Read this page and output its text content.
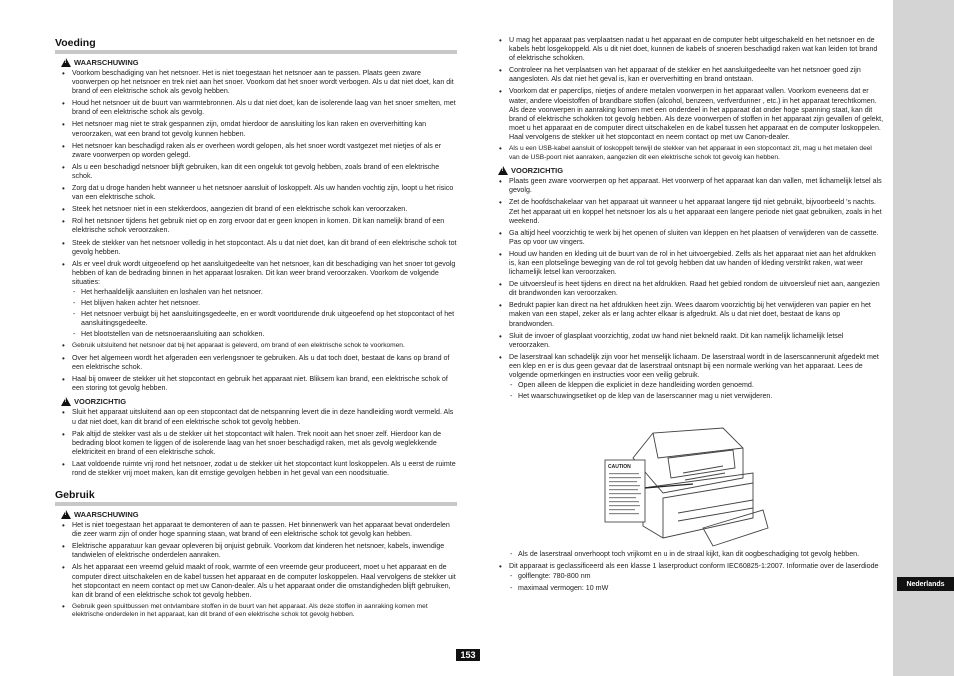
Voeding
!
WAARSCHUWING
• Voorkom beschadiging van het netsnoer. Het is niet toegestaan het netsnoer aan te passen. Plaats geen zware voorwerpen op het netsnoer en trek niet aan het snoer. Voorkom dat het snoer wordt verbogen. Als u dat niet doet, kan dit brand of een elektrische schok als gevolg hebben.
• Houd het netsnoer uit de buurt van warmtebronnen. Als u dat niet doet, kan de isolerende laag van het snoer smelten, met brand of een elektrische schok als gevolg.
• Het netsnoer mag niet te strak gespannen zijn, omdat hierdoor de aansluiting los kan raken en oververhitting kan veroorzaken, wat een brand tot gevolg kunnen hebben.
• Het netsnoer kan beschadigd raken als er overheen wordt gelopen, als het snoer wordt vastgezet met nietjes of als er zware voorwerpen op worden gelegd.
• Als u een beschadigd netsnoer blijft gebruiken, kan dit een ongeluk tot gevolg hebben, zoals brand of een elektrische schok.
• Zorg dat u droge handen hebt wanneer u het netsnoer aansluit of loskoppelt. Als uw handen vochtig zijn, loopt u het risico van een elektrische schok.
• Steek het netsnoer niet in een stekkerdoos, aangezien dit brand of een elektrische schok kan veroorzaken.
• Rol het netsnoer tijdens het gebruik niet op en zorg ervoor dat er geen knopen in komen. Dit kan namelijk brand of een elektrische schok veroorzaken.
• Steek de stekker van het netsnoer volledig in het stopcontact. Als u dat niet doet, kan dit brand of een elektrische schok tot gevolg hebben.
• Als er veel druk wordt uitgeoefend op het aansluitgedeelte van het netsnoer, kan dit beschadiging van het snoer tot gevolg hebben of kan de bedrading binnen in het apparaat losraken. Dit kan weer brand veroorzaken. Voorkom de volgende situaties:
- Het herhaaldelijk aansluiten en loshalen van het netsnoer.
- Het blijven haken achter het netsnoer.
- Het netsnoer verbuigt bij het aansluitingsgedeelte, en er wordt voortdurende druk uitgeoefend op het stopcontact of het aansluitingsgedeelte.
- Het blootstellen van de netsnoeraansluiting aan schokken.
• Gebruik uitsluitend het netsnoer dat bij het apparaat is geleverd, om brand of een elektrische schok te voorkomen.
• Over het algemeen wordt het afgeraden een verlengsnoer te gebruiken. Als u dat toch doet, bestaat de kans op brand of een elektrische schok.
• Haal bij onweer de stekker uit het stopcontact en gebruik het apparaat niet. Bliksem kan brand, een elektrische schok of een storing tot gevolg hebben.
!
VOORZICHTIG
• Sluit het apparaat uitsluitend aan op een stopcontact dat de netspanning levert die in deze handleiding wordt vermeld. Als u dat niet doet, kan dit brand of een elektrische schok tot gevolg hebben.
• Pak altijd de stekker vast als u de stekker uit het stopcontact wilt halen. Trek nooit aan het snoer zelf. Hierdoor kan de bedrading bloot komen te liggen of de isolerende laag van het snoer beschadigd raken, met als gevolg weglekkende elektriciteit en brand of een elektrische schok.
• Laat voldoende ruimte vrij rond het netsnoer, zodat u de stekker uit het stopcontact kunt loskoppelen. Als u eerst de ruimte rond de stekker vrij moet maken, kan dit ernstige gevolgen hebben in het geval van een noodsituatie.
Gebruik
!
WAARSCHUWING
• Het is niet toegestaan het apparaat te demonteren of aan te passen. Het binnenwerk van het apparaat bevat onderdelen die zeer warm zijn of onder hoge spanning staan, wat brand of een elektrische schok tot gevolg kan hebben.
• Elektrische apparatuur kan gevaar opleveren bij onjuist gebruik. Voorkom dat kinderen het netsnoer, kabels, inwendige tandwielen of elektrische onderdelen aanraken.
• Als het apparaat een vreemd geluid maakt of rook, warmte of een vreemde geur produceert, moet u het apparaat en de computer direct uitschakelen en de kabel tussen het apparaat en de computer loskoppelen. Haal vervolgens de stekker uit het stopcontact en neem contact op met uw Canon-dealer. Als u het apparaat onder die omstandigheden blijft gebruiken, kan dit brand of een elektrische schok tot gevolg hebben.
• Gebruik geen spuitbussen met ontvlambare stoffen in de buurt van het apparaat. Als deze stoffen in aanraking komen met elektrische onderdelen in het apparaat, kan dit brand of een elektrische schok tot gevolg hebben.
• U mag het apparaat pas verplaatsen nadat u het apparaat en de computer hebt uitgeschakeld en het netsnoer en de kabels hebt losgekoppeld. Als u dit niet doet, kunnen de kabels of snoeren beschadigd raken wat kan leiden tot brand of elektrische schokken.
• Controleer na het verplaatsen van het apparaat of de stekker en het aansluitgedeelte van het netsnoer goed zijn aangesloten. Als dat niet het geval is, kan er oververhitting en brand ontstaan.
• Voorkom dat er paperclips, nietjes of andere metalen voorwerpen in het apparaat vallen. Voorkom eveneens dat er water, andere vloeistoffen of brandbare stoffen (alcohol, benzeen, verfverdunner , etc.) in het apparaat terechtkomen. Als deze voorwerpen in aanraking komen met een onderdeel in het apparaat dat onder hoge spanning staat, kan dit brand of elektrische schokken tot gevolg hebben. Als deze voorwerpen of stoffen in het apparaat zijn gevallen of gelekt, moet u het apparaat en de computer direct uitschakelen en de kabel tussen het apparaat en de computer loskoppelen. Haal vervolgens de stekker uit het stopcontact en neem contact op met uw Canon-dealer.
• Als u een USB-kabel aansluit of loskoppelt terwijl de stekker van het apparaat in een stopcontact zit, mag u het metalen deel van de USB-poort niet aanraken, aangezien dit een elektrische schok tot gevolg kan hebben.
!
VOORZICHTIG
• Plaats geen zware voorwerpen op het apparaat. Het voorwerp of het apparaat kan dan vallen, met lichamelijk letsel als gevolg.
• Zet de hoofdschakelaar van het apparaat uit wanneer u het apparaat langere tijd niet gebruikt, bijvoorbeeld 's nachts. Zet het apparaat uit en koppel het netsnoer los als u het apparaat een langere periode niet gaat gebruiken, zoals in het weekend.
• Ga altijd heel voorzichtig te werk bij het openen of sluiten van kleppen en het plaatsen of verwijderen van de cassette. Pas op voor uw vingers.
• Houd uw handen en kleding uit de buurt van de rol in het uitvoergebied. Zelfs als het apparaat niet aan het afdrukken is, kan een plotselinge beweging van de rol tot gevolg hebben dat uw handen of kleding verstrikt raken, wat weer lichamelijk letsel kan veroorzaken.
• De uitvoersleuf is heet tijdens en direct na het afdrukken. Raad het gebied rondom de uitvoersleuf niet aan, aangezien dit brandwonden kan veroorzaken.
• Bedrukt papier kan direct na het afdrukken heet zijn. Wees daarom voorzichtig bij het verwijderen van papier en het maken van een stapel, zeker als er lang achter elkaar is afgedrukt. Als u dat niet doet, bestaat de kans op brandwonden.
• Sluit de invoer of glasplaat voorzichtig, zodat uw hand niet bekneld raakt. Dit kan namelijk lichamelijk letsel veroorzaken.
• De laserstraal kan schadelijk zijn voor het menselijk lichaam. De laserstraal wordt in de laserscannerunit afgedekt met een klep en er is dus geen gevaar dat de laserstraal ontsnapt bij een normale werking van het apparaat. Lees de volgende opmerkingen en instructies voor een veilig gebruik.
- Open alleen de kleppen die expliciet in deze handleiding worden genoemd.
- Het waarschuwingsetiket op de klep van de laserscanner mag u niet verwijderen.
- Als de laserstraal onverhoopt toch vrijkomt en u in de straal kijkt, kan dit oogbeschadiging tot gevolg hebben.
• Dit apparaat is geclassificeerd als een klasse 1 laserproduct conform IEC60825-1:2007. Informatie over de laserdiode
- golflengte: 780-800 nm
- maximaal vermogen: 10 mW
CAUTION
Nederlands
153
